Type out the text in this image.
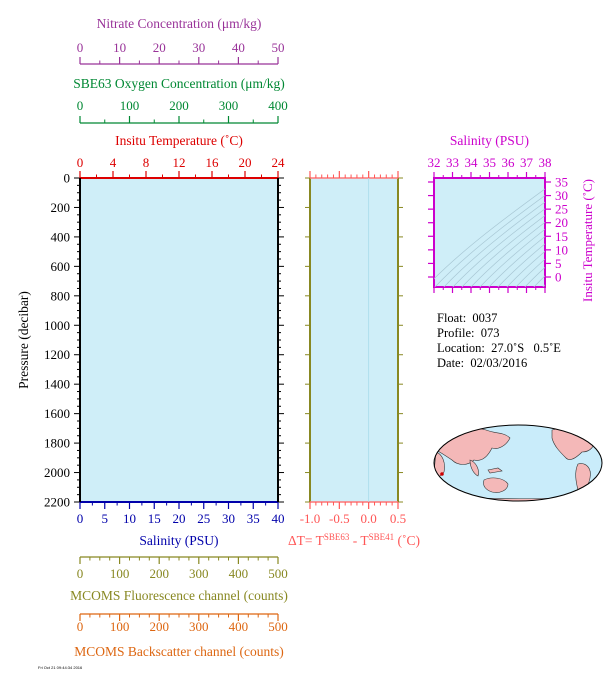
0
200
400
600
800
1000
1200
1400
1600
1800
2000
2200
Pressure (decibar)
0 10 20 30 40 50
Nitrate Concentration (μm/kg)
0	100 200 300 400
SBE63 Oxygen Concentration (μm/kg)
0 4 8 12 16 20 24
Insitu Temperature (˚C)
0 5 10 15 20 25 30 35 40
Salinity (PSU)
0 100 200 300 400 500
MCOMS Fluorescence channel (counts)
0 100 200 300 400 500
MCOMS Backscatter channel (counts)
-1.0 -0.5 0.0 0.5
$\Delta T= T^{SBE63} - T^{SBE41}$ (˚C)
32 33 34 35 36 37 38
Salinity (PSU)
0
5
10
15
20
25
30
35 Insitu Temperature (˚C)
Float: 0037
Profile: 073
Location: 27.0˚S   0.5˚E
Date: 02/03/2016
Fri Oct 21 09:44:34 2016
